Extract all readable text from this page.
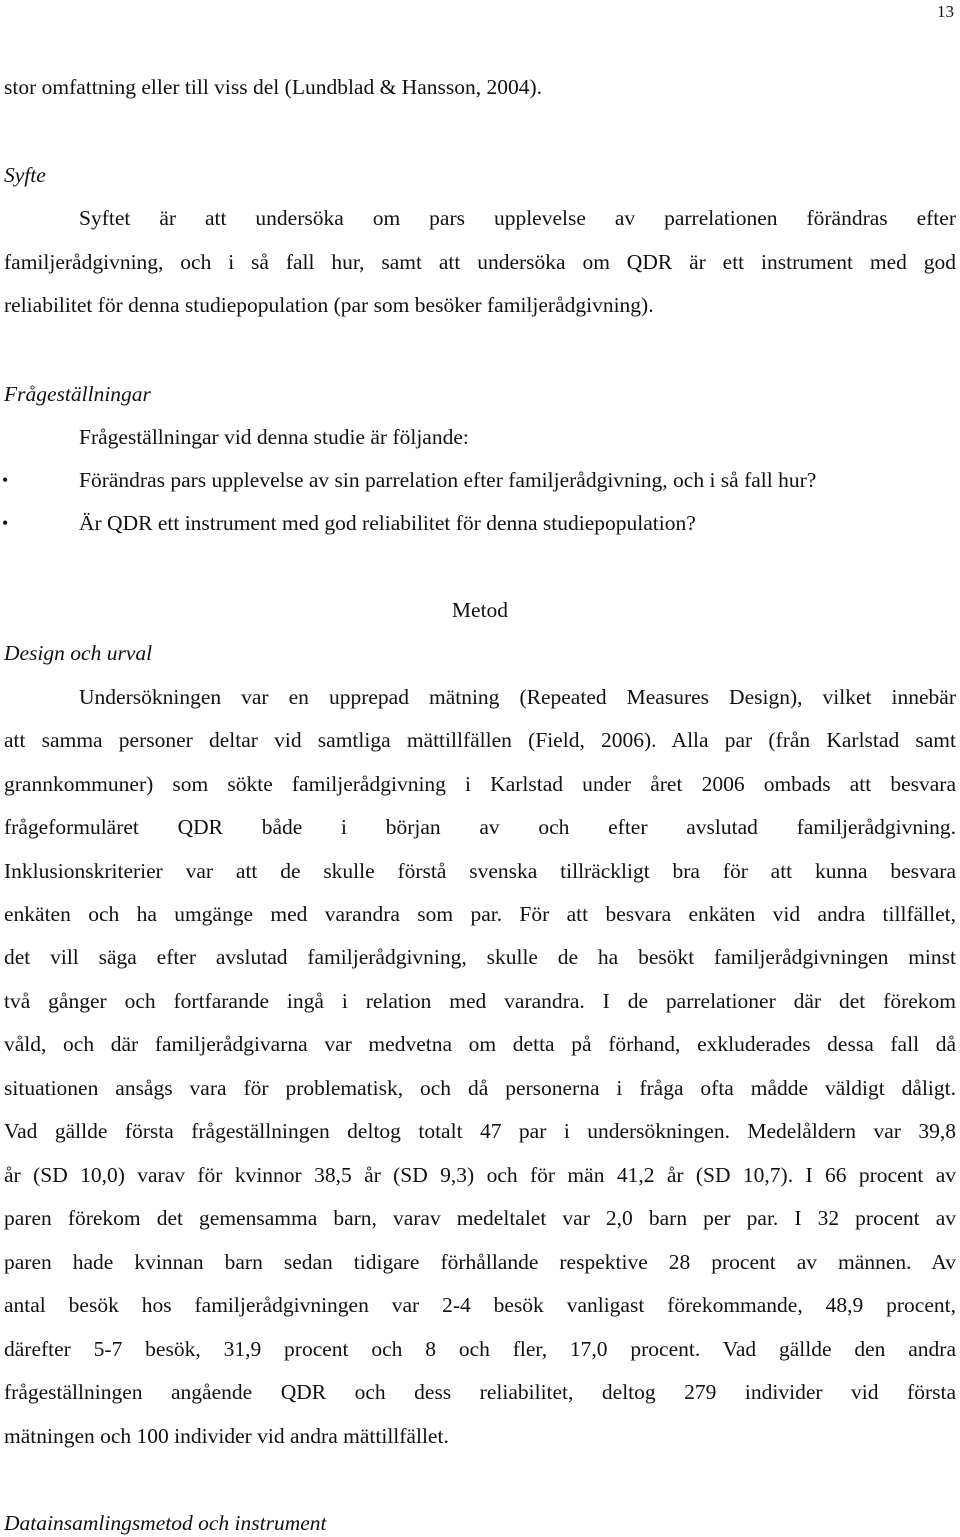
13
stor omfattning eller till viss del (Lundblad & Hansson, 2004).
Syfte
Syftet är att undersöka om pars upplevelse av parrelationen förändras efter
familjerådgivning, och i så fall hur, samt att undersöka om QDR är ett instrument med god
reliabilitet för denna studiepopulation (par som besöker familjerådgivning).
Frågeställningar
Frågeställningar vid denna studie är följande:
•	Förändras pars upplevelse av sin parrelation efter familjerådgivning, och i så fall hur?
•	Är QDR ett instrument med god reliabilitet för denna studiepopulation?
Metod
Design och urval
Undersökningen var en upprepad mätning (Repeated Measures Design), vilket innebär
att samma personer deltar vid samtliga mättillfällen (Field, 2006). Alla par (från Karlstad samt
grannkommuner) som sökte familjerådgivning i Karlstad under året 2006 ombads att besvara
frågeformuläret QDR både i början av och efter avslutad familjerådgivning.
Inklusionskriterier var att de skulle förstå svenska tillräckligt bra för att kunna besvara
enkäten och ha umgänge med varandra som par. För att besvara enkäten vid andra tillfället,
det vill säga efter avslutad familjerådgivning, skulle de ha besökt familjerådgivningen minst
två gånger och fortfarande ingå i relation med varandra. I de parrelationer där det förekom
våld, och där familjerådgivarna var medvetna om detta på förhand, exkluderades dessa fall då
situationen ansågs vara för problematisk, och då personerna i fråga ofta mådde väldigt dåligt.
Vad gällde första frågeställningen deltog totalt 47 par i undersökningen. Medelåldern var 39,8
år (SD 10,0) varav för kvinnor 38,5 år (SD 9,3) och för män 41,2 år (SD 10,7). I 66 procent av
paren förekom det gemensamma barn, varav medeltalet var 2,0 barn per par. I 32 procent av
paren hade kvinnan barn sedan tidigare förhållande respektive 28 procent av männen. Av
antal besök hos familjerådgivningen var 2-4 besök vanligast förekommande, 48,9 procent,
därefter 5-7 besök, 31,9 procent och 8 och fler, 17,0 procent. Vad gällde den andra
frågeställningen angående QDR och dess reliabilitet, deltog 279 individer vid första
mätningen och 100 individer vid andra mättillfället.
Datainsamlingsmetod och instrument
